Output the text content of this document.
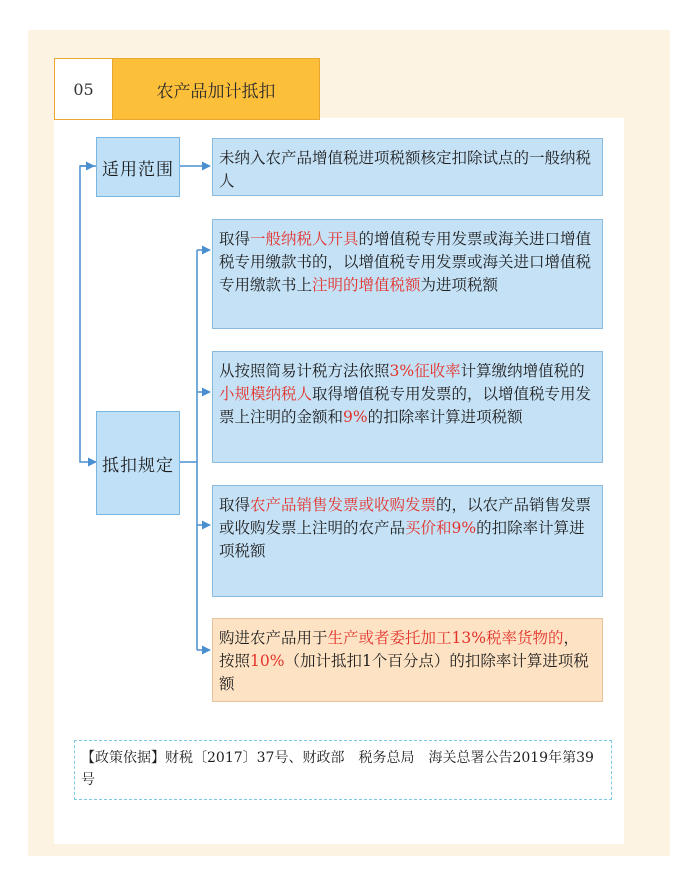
05	农产品加计抵扣
适用范围
抵扣规定
未纳入农产品增值税进项税额核定扣除试点的一般纳税人
取得一般纳税人开具的增值税专用发票或海关进口增值税专用缴款书的，以增值税专用发票或海关进口增值税专用缴款书上注明的增值税额为进项税额
从按照简易计税方法依照3%征收率计算缴纳增值税的小规模纳税人取得增值税专用发票的，以增值税专用发票上注明的金额和9%的扣除率计算进项税额
取得农产品销售发票或收购发票的，以农产品销售发票或收购发票上注明的农产品买价和9%的扣除率计算进项税额
购进农产品用于生产或者委托加工13%税率货物的，按照10%（加计抵扣1个百分点）的扣除率计算进项税额
【政策依据】财税〔2017〕37号、财政部　税务总局　海关总署公告2019年第39号
